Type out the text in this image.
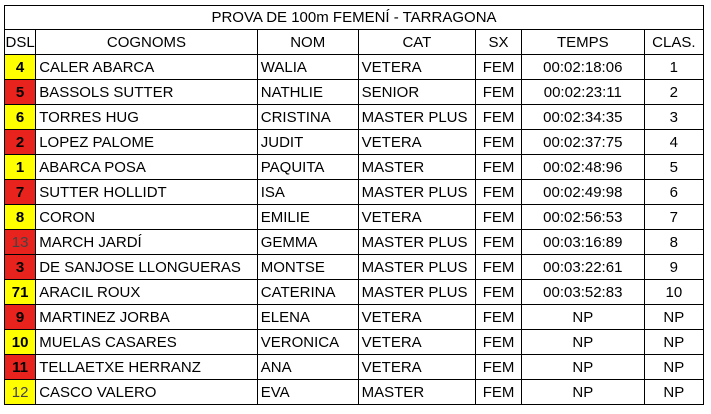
PROVA DE 100m FEMENÍ - TARRAGONA						
DSL	COGNOMS	NOM	CAT	SX	TEMPS	CLAS.
4	CALER ABARCA	WALIA	VETERA	FEM	00:02:18:06	1
5	BASSOLS SUTTER	NATHLIE	SENIOR	FEM	00:02:23:11	2
6	TORRES HUG	CRISTINA	MASTER PLUS	FEM	00:02:34:35	3
2	LOPEZ PALOME	JUDIT	VETERA	FEM	00:02:37:75	4
1	ABARCA POSA	PAQUITA	MASTER	FEM	00:02:48:96	5
7	SUTTER HOLLIDT	ISA	MASTER PLUS	FEM	00:02:49:98	6
8	CORON	EMILIE	VETERA	FEM	00:02:56:53	7
13	MARCH JARDÍ	GEMMA	MASTER PLUS	FEM	00:03:16:89	8
3	DE SANJOSE LLONGUERAS	MONTSE	MASTER PLUS	FEM	00:03:22:61	9
71	ARACIL ROUX	CATERINA	MASTER PLUS	FEM	00:03:52:83	10
9	MARTINEZ JORBA	ELENA	VETERA	FEM	NP	NP
10	MUELAS CASARES	VERONICA	VETERA	FEM	NP	NP
11	TELLAETXE HERRANZ	ANA	VETERA	FEM	NP	NP
12	CASCO VALERO	EVA	MASTER	FEM	NP	NP
